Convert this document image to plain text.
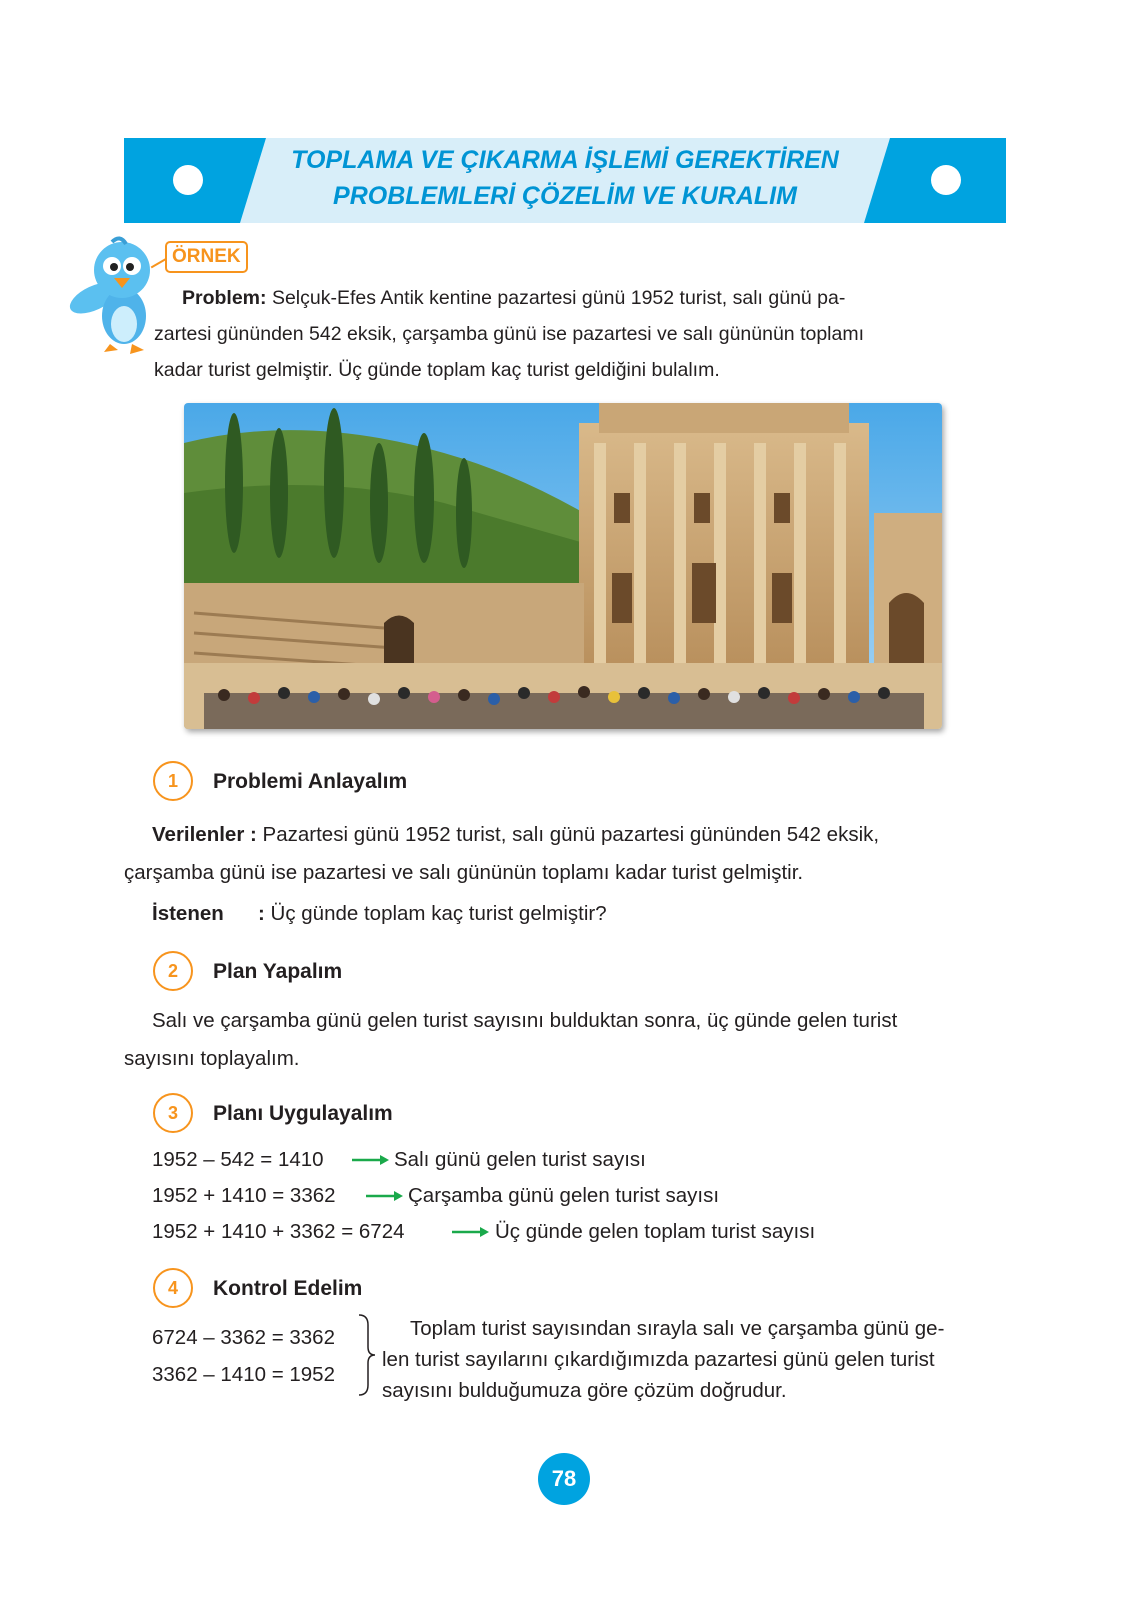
TOPLAMA VE ÇIKARMA İŞLEMİ GEREKTİREN
PROBLEMLERİ ÇÖZELİM VE KURALIM
ÖRNEK
Problem: Selçuk-Efes Antik kentine pazartesi günü 1952 turist, salı günü pa-
zartesi gününden 542 eksik, çarşamba günü ise pazartesi ve salı gününün toplamı
kadar turist gelmiştir. Üç günde toplam kaç turist geldiğini bulalım.
1	Problemi Anlayalım
Verilenler : Pazartesi günü 1952 turist, salı günü pazartesi gününden 542 eksik,
çarşamba günü ise pazartesi ve salı gününün toplamı kadar turist gelmiştir.
İstenen : Üç günde toplam kaç turist gelmiştir?
2	Plan Yapalım
Salı ve çarşamba günü gelen turist sayısını bulduktan sonra, üç günde gelen turist
sayısını toplayalım.
3	Planı Uygulayalım
1952 – 542 = 1410	Salı günü gelen turist sayısı
1952 + 1410 = 3362	Çarşamba günü gelen turist sayısı
1952 + 1410 + 3362 = 6724	Üç günde gelen toplam turist sayısı
4	Kontrol Edelim
6724 – 3362 = 3362
3362 – 1410 = 1952
Toplam turist sayısından sırayla salı ve çarşamba günü ge-
len turist sayılarını çıkardığımızda pazartesi günü gelen turist
sayısını bulduğumuza göre çözüm doğrudur.
78
